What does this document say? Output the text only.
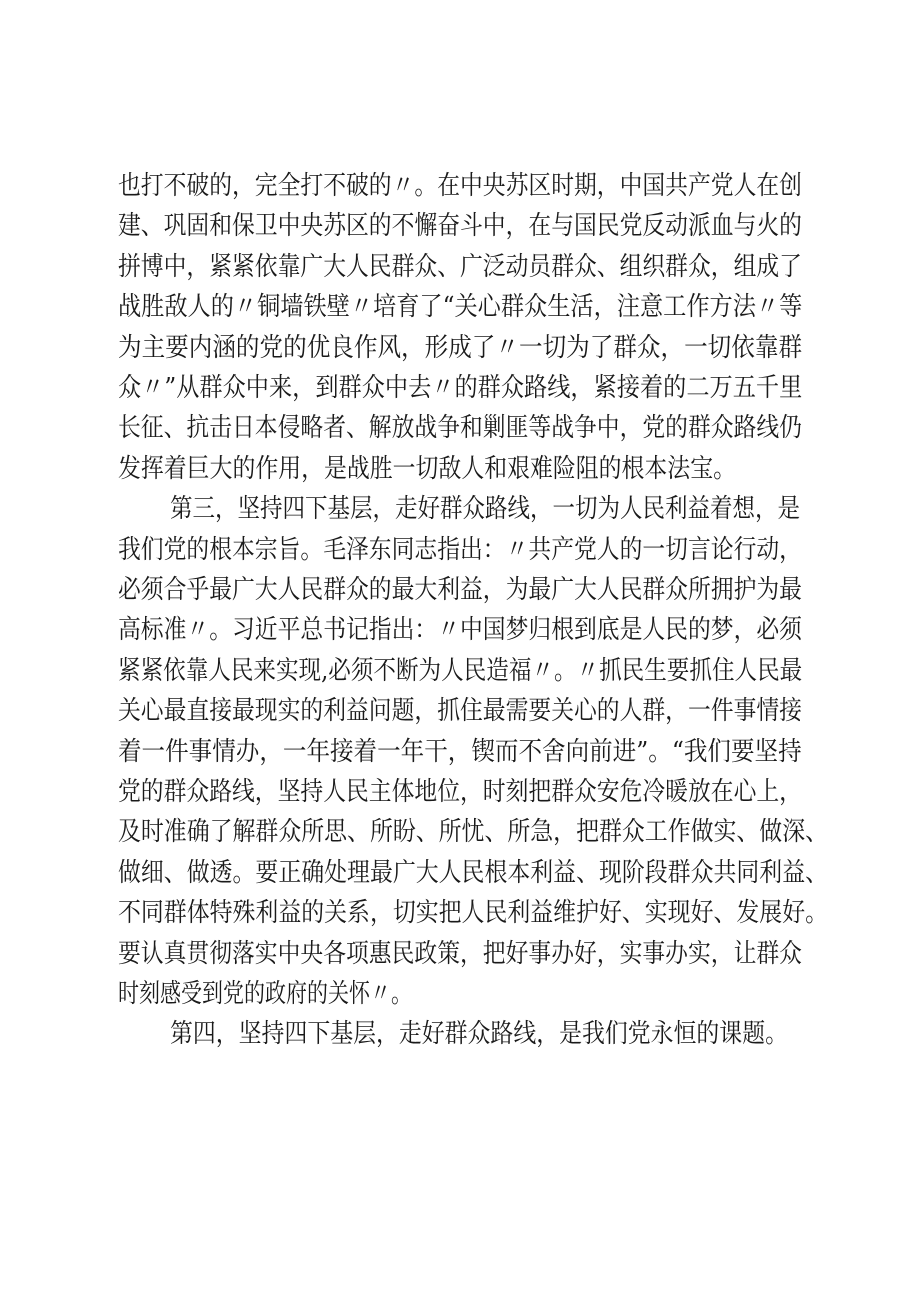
也打不破的，完全打不破的〃。在中央苏区时期，中国共产党人在创
建、巩固和保卫中央苏区的不懈奋斗中，在与国民党反动派血与火的
拼博中，紧紧依靠广大人民群众、广泛动员群众、组织群众，组成了
战胜敌人的〃铜墙铁壁〃培育了“关心群众生活，注意工作方法〃等
为主要内涵的党的优良作风，形成了〃一切为了群众，一切依靠群
众〃”从群众中来，到群众中去〃的群众路线，紧接着的二万五千里
长征、抗击日本侵略者、解放战争和剿匪等战争中，党的群众路线仍
发挥着巨大的作用，是战胜一切敌人和艰难险阻的根本法宝。
第三，坚持四下基层，走好群众路线，一切为人民利益着想，是
我们党的根本宗旨。毛泽东同志指出：〃共产党人的一切言论行动，
必须合乎最广大人民群众的最大利益，为最广大人民群众所拥护为最
高标准〃。习近平总书记指出：〃中国梦归根到底是人民的梦，必须
紧紧依靠人民来实现,必须不断为人民造福〃。〃抓民生要抓住人民最
关心最直接最现实的利益问题，抓住最需要关心的人群，一件事情接
着一件事情办，一年接着一年干，锲而不舍向前进”。“我们要坚持
党的群众路线，坚持人民主体地位，时刻把群众安危冷暖放在心上，
及时准确了解群众所思、所盼、所忧、所急，把群众工作做实、做深、
做细、做透。要正确处理最广大人民根本利益、现阶段群众共同利益、
不同群体特殊利益的关系，切实把人民利益维护好、实现好、发展好。
要认真贯彻落实中央各项惠民政策，把好事办好，实事办实，让群众
时刻感受到党的政府的关怀〃。
第四，坚持四下基层，走好群众路线，是我们党永恒的课题。
